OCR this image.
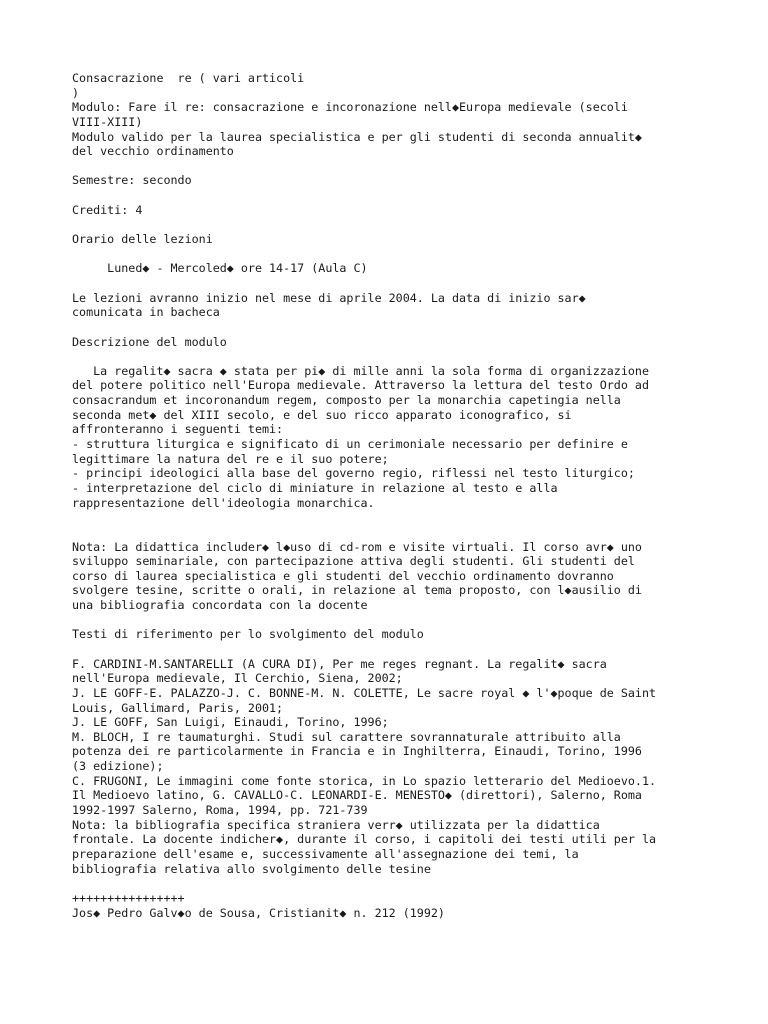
Consacrazione  re ( vari articoli
)
Modulo: Fare il re: consacrazione e incoronazione nell◆Europa medievale (secoli
VIII-XIII)
Modulo valido per la laurea specialistica e per gli studenti di seconda annualit◆
del vecchio ordinamento
Semestre: secondo
Crediti: 4
Orario delle lezioni
Luned◆ - Mercoled◆ ore 14-17 (Aula C)
Le lezioni avranno inizio nel mese di aprile 2004. La data di inizio sar◆
comunicata in bacheca
Descrizione del modulo
La regalit◆ sacra ◆ stata per pi◆ di mille anni la sola forma di organizzazione
del potere politico nell'Europa medievale. Attraverso la lettura del testo Ordo ad
consacrandum et incoronandum regem, composto per la monarchia capetingia nella
seconda met◆ del XIII secolo, e del suo ricco apparato iconografico, si
affronteranno i seguenti temi:
- struttura liturgica e significato di un cerimoniale necessario per definire e
legittimare la natura del re e il suo potere;
- principi ideologici alla base del governo regio, riflessi nel testo liturgico;
- interpretazione del ciclo di miniature in relazione al testo e alla
rappresentazione dell'ideologia monarchica.
Nota: La didattica includer◆ l◆uso di cd-rom e visite virtuali. Il corso avr◆ uno
sviluppo seminariale, con partecipazione attiva degli studenti. Gli studenti del
corso di laurea specialistica e gli studenti del vecchio ordinamento dovranno
svolgere tesine, scritte o orali, in relazione al tema proposto, con l◆ausilio di
una bibliografia concordata con la docente
Testi di riferimento per lo svolgimento del modulo
F. CARDINI-M.SANTARELLI (A CURA DI), Per me reges regnant. La regalit◆ sacra
nell'Europa medievale, Il Cerchio, Siena, 2002;
J. LE GOFF-E. PALAZZO-J. C. BONNE-M. N. COLETTE, Le sacre royal ◆ l'◆poque de Saint
Louis, Gallimard, Paris, 2001;
J. LE GOFF, San Luigi, Einaudi, Torino, 1996;
M. BLOCH, I re taumaturghi. Studi sul carattere sovrannaturale attribuito alla
potenza dei re particolarmente in Francia e in Inghilterra, Einaudi, Torino, 1996
(3 edizione);
C. FRUGONI, Le immagini come fonte storica, in Lo spazio letterario del Medioevo.1.
Il Medioevo latino, G. CAVALLO-C. LEONARDI-E. MENESTO◆ (direttori), Salerno, Roma
1992-1997 Salerno, Roma, 1994, pp. 721-739
Nota: la bibliografia specifica straniera verr◆ utilizzata per la didattica
frontale. La docente indicher◆, durante il corso, i capitoli dei testi utili per la
preparazione dell'esame e, successivamente all'assegnazione dei temi, la
bibliografia relativa allo svolgimento delle tesine
++++++++++++++++
Jos◆ Pedro Galv◆o de Sousa, Cristianit◆ n. 212 (1992)
